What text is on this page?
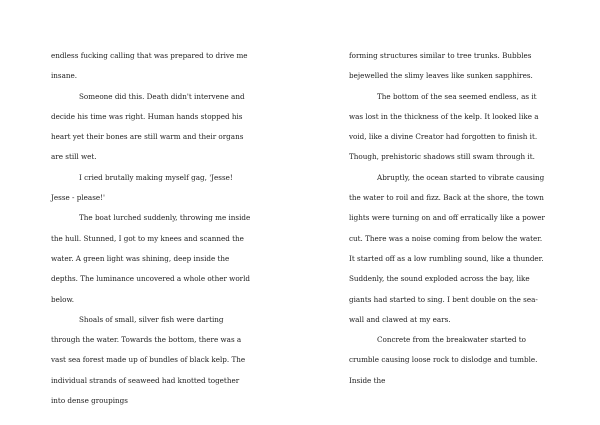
endless fucking calling that was prepared to drive me insane.

Someone did this. Death didn't intervene and decide his time was right. Human hands stopped his heart yet their bones are still warm and their organs are still wet.

I cried brutally making myself gag, 'Jesse! Jesse - please!'

The boat lurched suddenly, throwing me inside the hull. Stunned, I got to my knees and scanned the water. A green light was shining, deep inside the depths. The luminance uncovered a whole other world below.

Shoals of small, silver fish were darting through the water. Towards the bottom, there was a vast sea forest made up of bundles of black kelp. The individual strands of seaweed had knotted together into dense groupings

forming structures similar to tree trunks. Bubbles bejewelled the slimy leaves like sunken sapphires.

The bottom of the sea seemed endless, as it was lost in the thickness of the kelp. It looked like a void, like a divine Creator had forgotten to finish it. Though, prehistoric shadows still swam through it.

Abruptly, the ocean started to vibrate causing the water to roil and fizz. Back at the shore, the town lights were turning on and off erratically like a power cut. There was a noise coming from below the water. It started off as a low rumbling sound, like a thunder. Suddenly, the sound exploded across the bay, like giants had started to sing. I bent double on the sea-wall and clawed at my ears.

Concrete from the breakwater started to crumble causing loose rock to dislodge and tumble. Inside the
